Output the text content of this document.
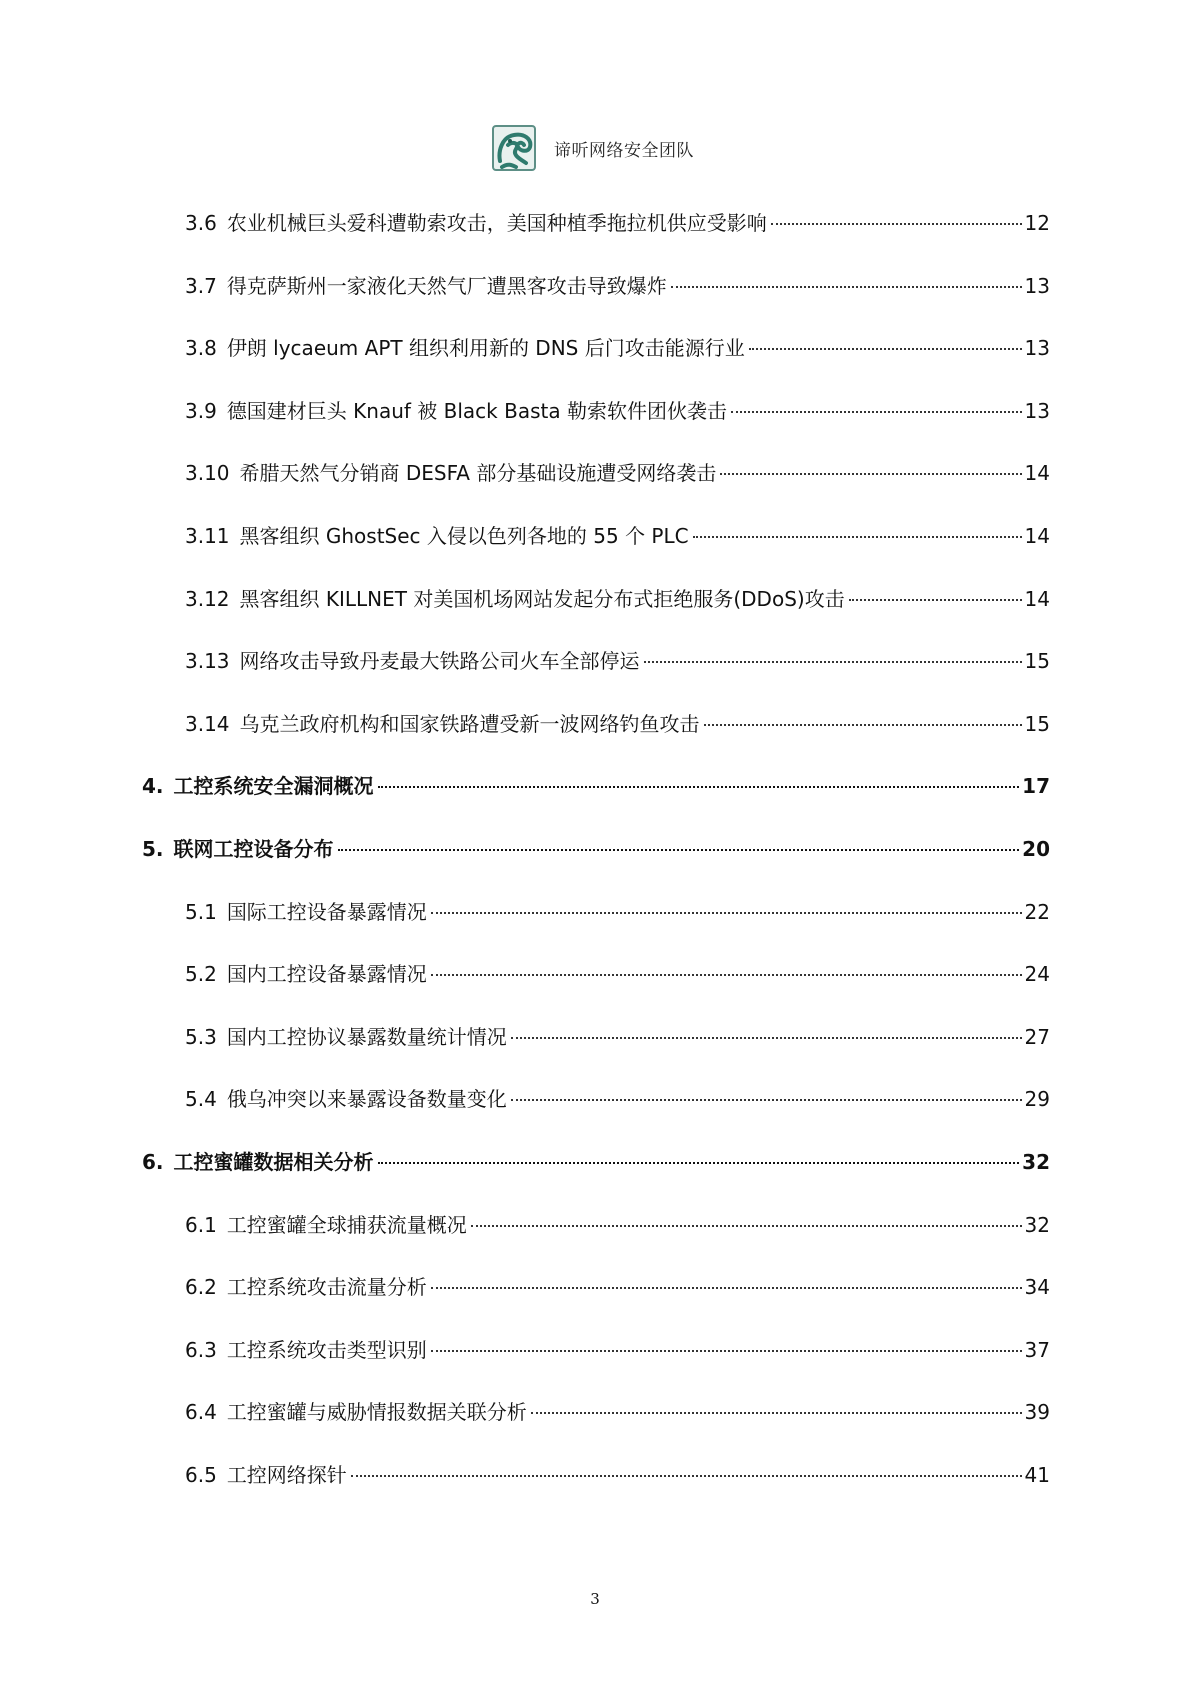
谛听网络安全团队
3.6 农业机械巨头爱科遭勒索攻击，美国种植季拖拉机供应受影响	12
3.7 得克萨斯州一家液化天然气厂遭黑客攻击导致爆炸	13
3.8 伊朗 lycaeum APT 组织利用新的 DNS 后门攻击能源行业	13
3.9 德国建材巨头 Knauf 被 Black Basta 勒索软件团伙袭击	13
3.10 希腊天然气分销商 DESFA 部分基础设施遭受网络袭击	14
3.11 黑客组织 GhostSec 入侵以色列各地的 55 个 PLC	14
3.12 黑客组织 KILLNET 对美国机场网站发起分布式拒绝服务(DDoS)攻击	14
3.13 网络攻击导致丹麦最大铁路公司火车全部停运	15
3.14 乌克兰政府机构和国家铁路遭受新一波网络钓鱼攻击	15
4. 工控系统安全漏洞概况	17
5. 联网工控设备分布	20
5.1 国际工控设备暴露情况	22
5.2 国内工控设备暴露情况	24
5.3 国内工控协议暴露数量统计情况	27
5.4 俄乌冲突以来暴露设备数量变化	29
6. 工控蜜罐数据相关分析	32
6.1 工控蜜罐全球捕获流量概况	32
6.2 工控系统攻击流量分析	34
6.3 工控系统攻击类型识别	37
6.4 工控蜜罐与威胁情报数据关联分析	39
6.5 工控网络探针	41
3
